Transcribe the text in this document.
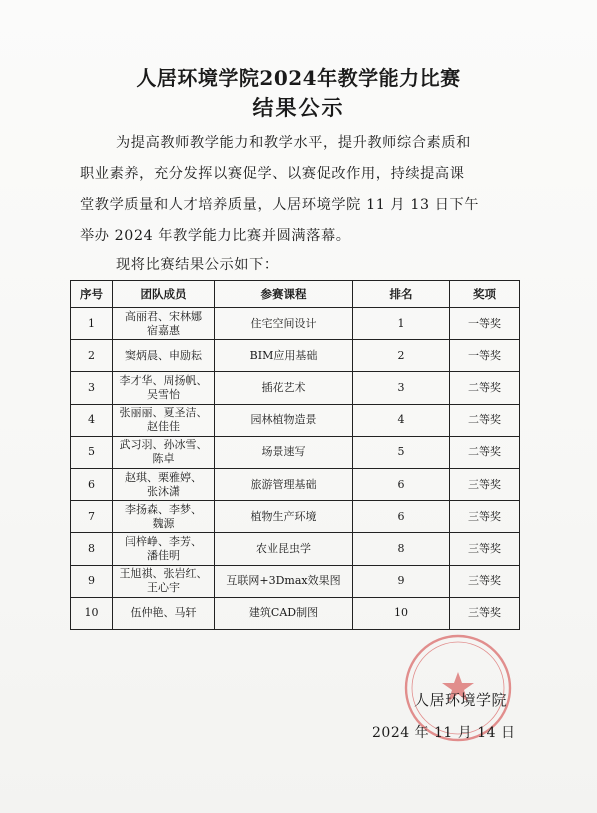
人居环境学院2024年教学能力比赛
结果公示

为提高教师教学能力和教学水平，提升教师综合素质和
职业素养，充分发挥以赛促学、以赛促改作用，持续提高课
堂教学质量和人才培养质量，人居环境学院 11 月 13 日下午
举办 2024 年教学能力比赛并圆满落幕。

现将比赛结果公示如下：

序号	团队成员	参赛课程	排名	奖项
1	高丽君、宋林娜
宿嘉惠	住宅空间设计	1	一等奖
2	窦炳晨、申励耘	BIM应用基础	2	一等奖
3	李才华、周扬帆、
吴雪怡	插花艺术	3	二等奖
4	张丽丽、夏圣洁、
赵佳佳	园林植物造景	4	二等奖
5	武习羽、孙冰雪、
陈卓	场景速写	5	二等奖
6	赵琪、栗雅婷、
张沐潇	旅游管理基础	6	三等奖
7	李扬森、李梦、
魏源	植物生产环境	6	三等奖
8	闫梓峥、李芳、
潘佳明	农业昆虫学	8	三等奖
9	王旭祺、张岩红、
王心宇	互联网+3Dmax效果图	9	三等奖
10	伍仲艳、马轩	建筑CAD制图	10	三等奖

人居环境学院

2024 年 11 月 14 日
